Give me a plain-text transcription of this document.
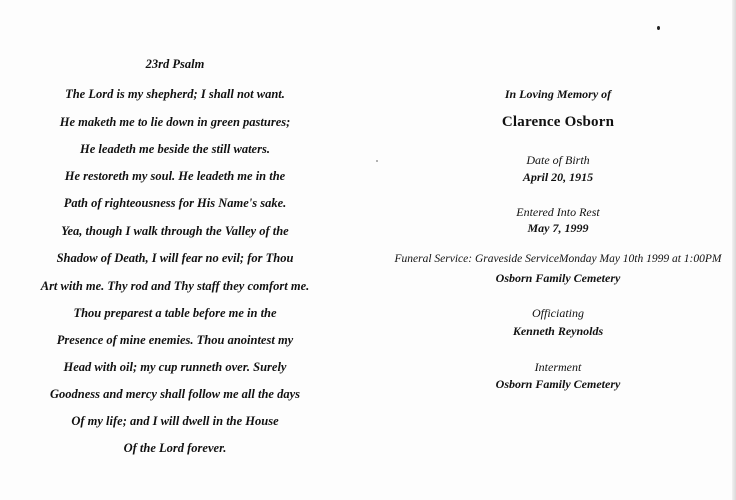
23rd Psalm
The Lord is my shepherd; I shall not want.
He maketh me to lie down in green pastures;
He leadeth me beside the still waters.
He restoreth my soul. He leadeth me in the
Path of righteousness for His Name's sake.
Yea, though I walk through the Valley of the
Shadow of Death, I will fear no evil; for Thou
Art with me. Thy rod and Thy staff they comfort me.
Thou preparest a table before me in the
Presence of mine enemies. Thou anointest my
Head with oil; my cup runneth over. Surely
Goodness and mercy shall follow me all the days
Of my life; and I will dwell in the House
Of the Lord forever.
In Loving Memory of
Clarence Osborn
Date of Birth
April 20, 1915
Entered Into Rest
May 7, 1999
Funeral Service: Graveside ServiceMonday May 10th 1999 at 1:00PM
Osborn Family Cemetery
Officiating
Kenneth Reynolds
Interment
Osborn Family Cemetery
